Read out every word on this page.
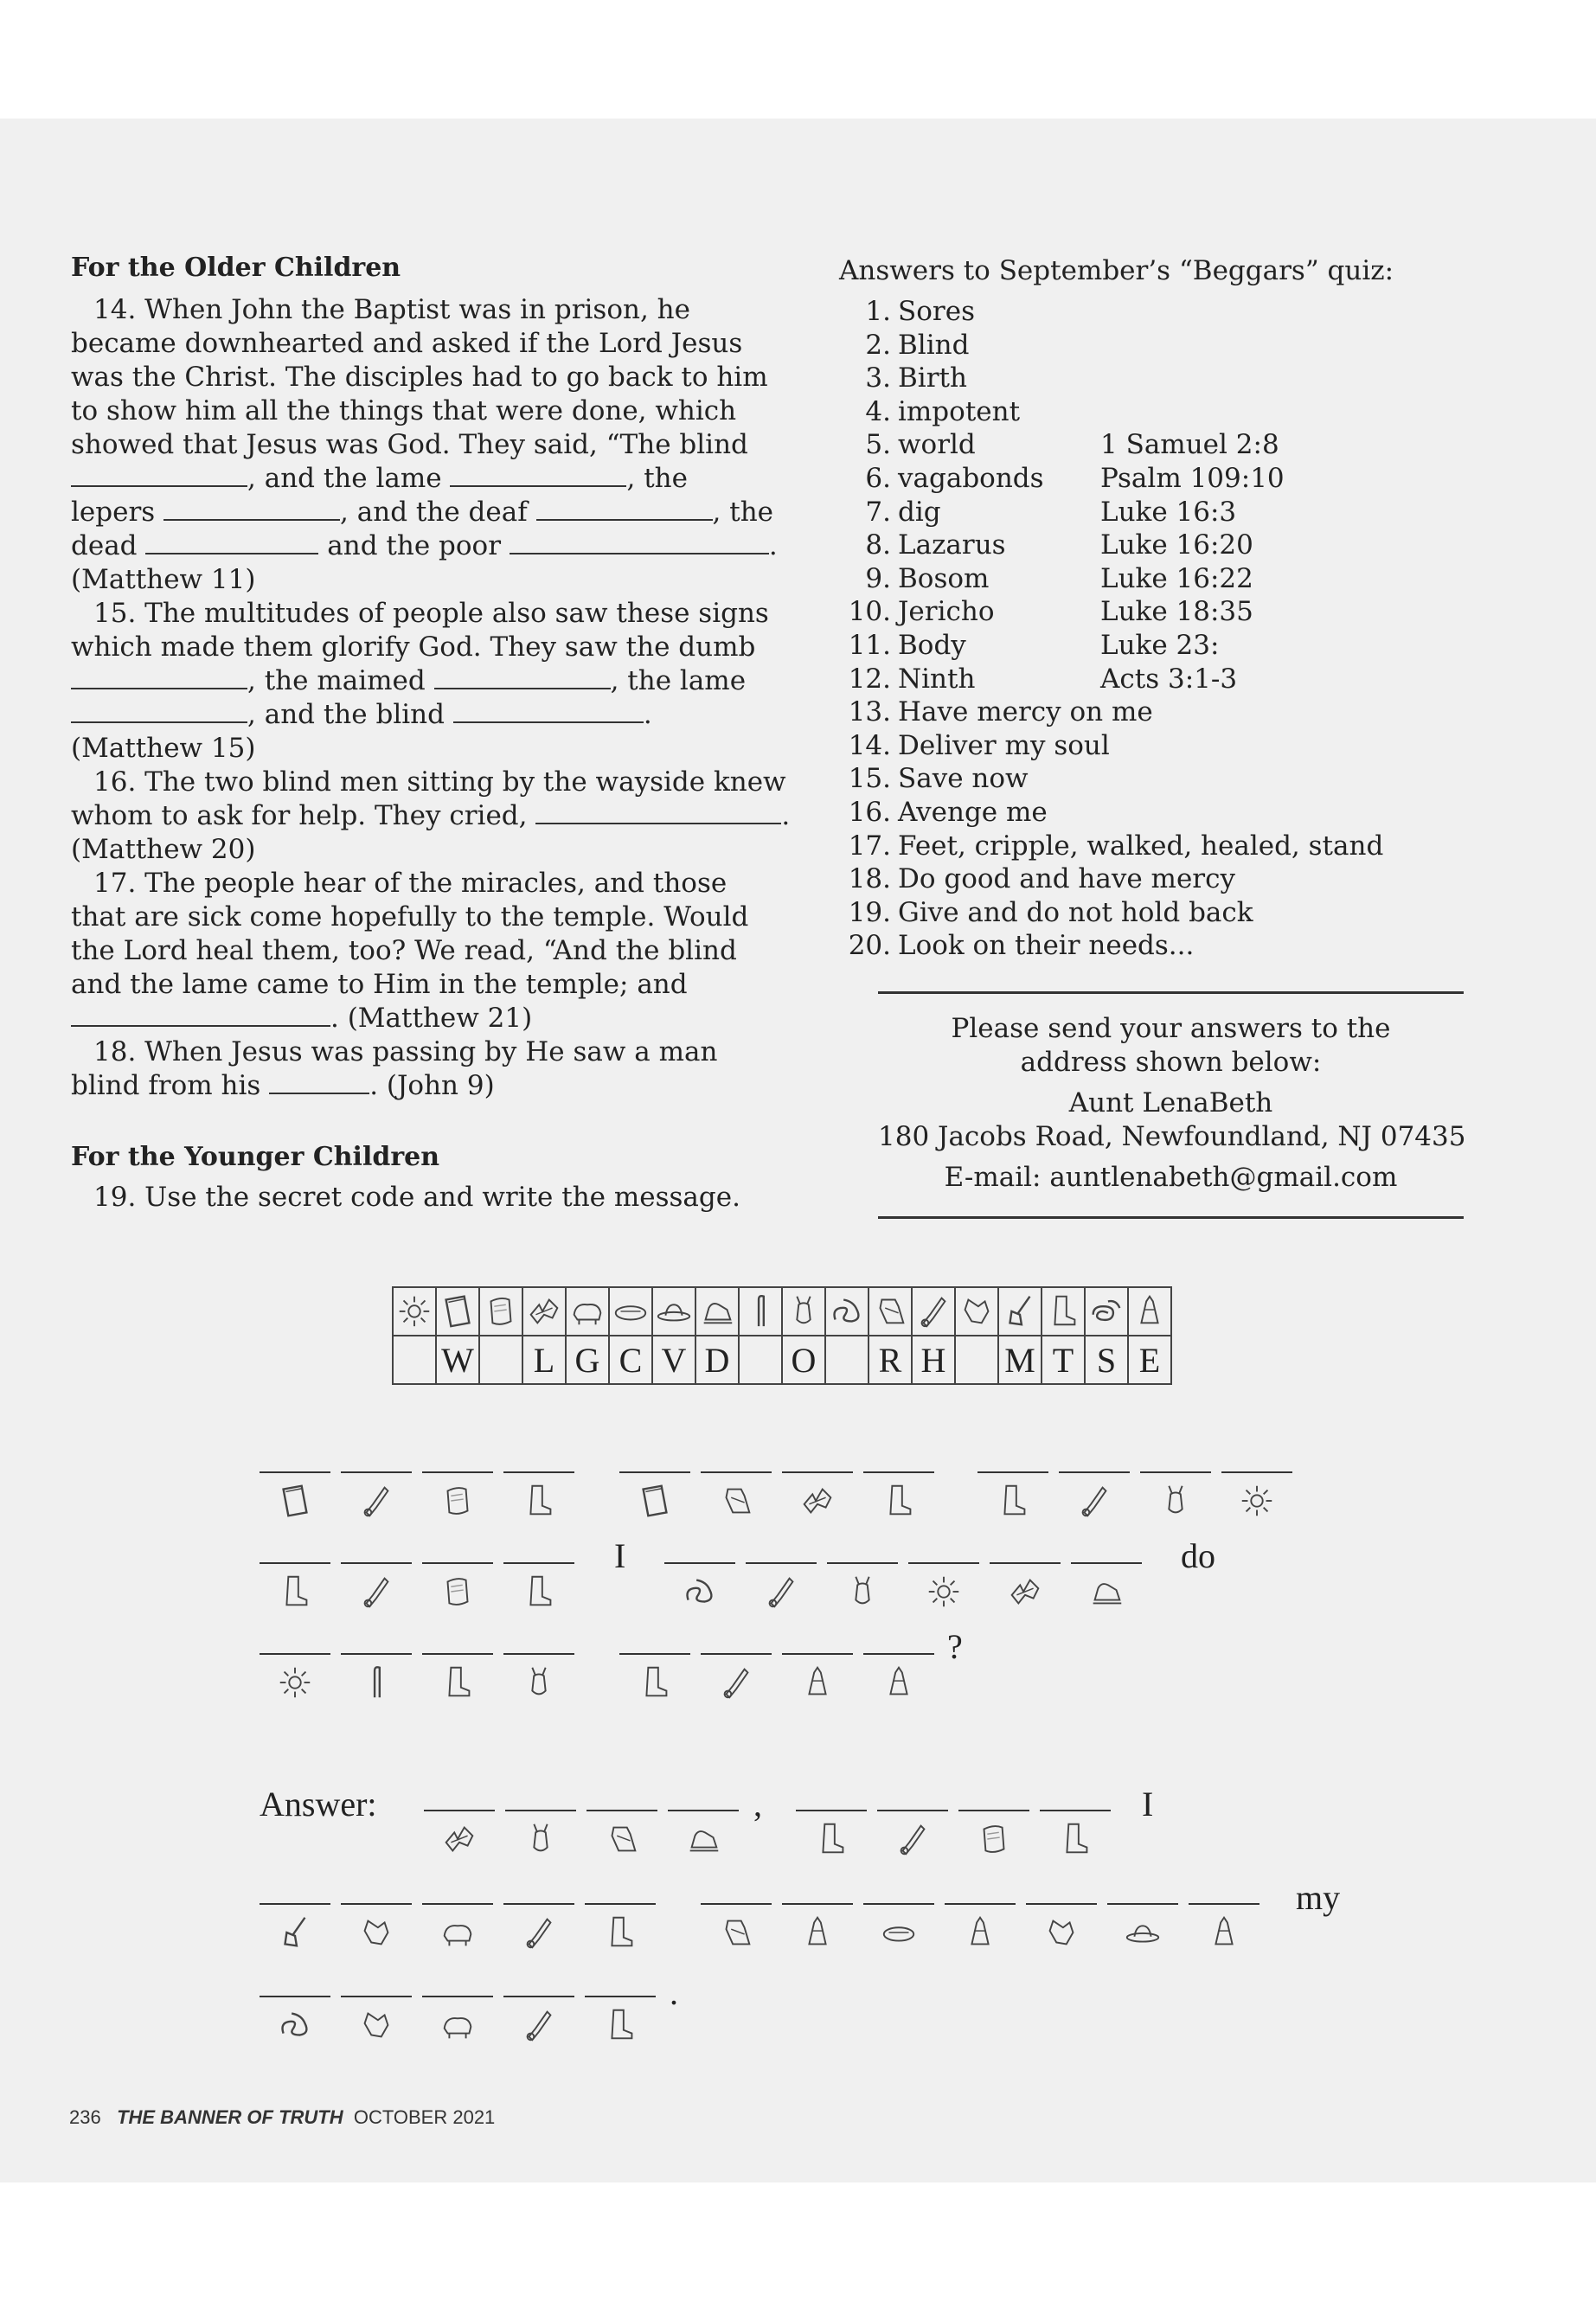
For the Older Children
14. When John the Baptist was in prison, he
became downhearted and asked if the Lord Jesus
was the Christ. The disciples had to go back to him
to show him all the things that were done, which
showed that Jesus was God. They said, “The blind
, and the lame	, the
lepers	, and the deaf	, the
dead	and the poor	.
(Matthew 11)
15. The multitudes of people also saw these signs
which made them glorify God. They saw the dumb
, the maimed	, the lame
, and the blind	.
(Matthew 15)
16. The two blind men sitting by the wayside knew
whom to ask for help. They cried,	.
(Matthew 20)
17. The people hear of the miracles, and those
that are sick come hopefully to the temple. Would
the Lord heal them, too? We read, “And the blind
and the lame came to Him in the temple; and
. (Matthew 21)
18. When Jesus was passing by He saw a man
blind from his	. (John 9)
For the Younger Children
19. Use the secret code and write the message.
Answers to September’s “Beggars” quiz:
1. Sores
2. Blind
3. Birth
4. impotent
5. world	1 Samuel 2:8
6. vagabonds Psalm 109:10
7. dig	Luke 16:3
8. Lazarus	Luke 16:20
9. Bosom	Luke 16:22
10. Jericho	Luke 18:35
11. Body	Luke 23:
12. Ninth	Acts 3:1-3
13. Have mercy on me
14. Deliver my soul
15. Save now
16. Avenge me
17. Feet, cripple, walked, healed, stand
18. Do good and have mercy
19. Give and do not hold back
20. Look on their needs...
Please send your answers to the
address shown below:
Aunt LenaBeth
180 Jacobs Road, Newfoundland, NJ 07435
E-mail: auntlenabeth@gmail.com

	W		L	G	C	V	D		O		R	H		M	T	S	E
I	do
?
Answer:	,	I
my
.
236 THE BANNER OF TRUTH OCTOBER 2021
